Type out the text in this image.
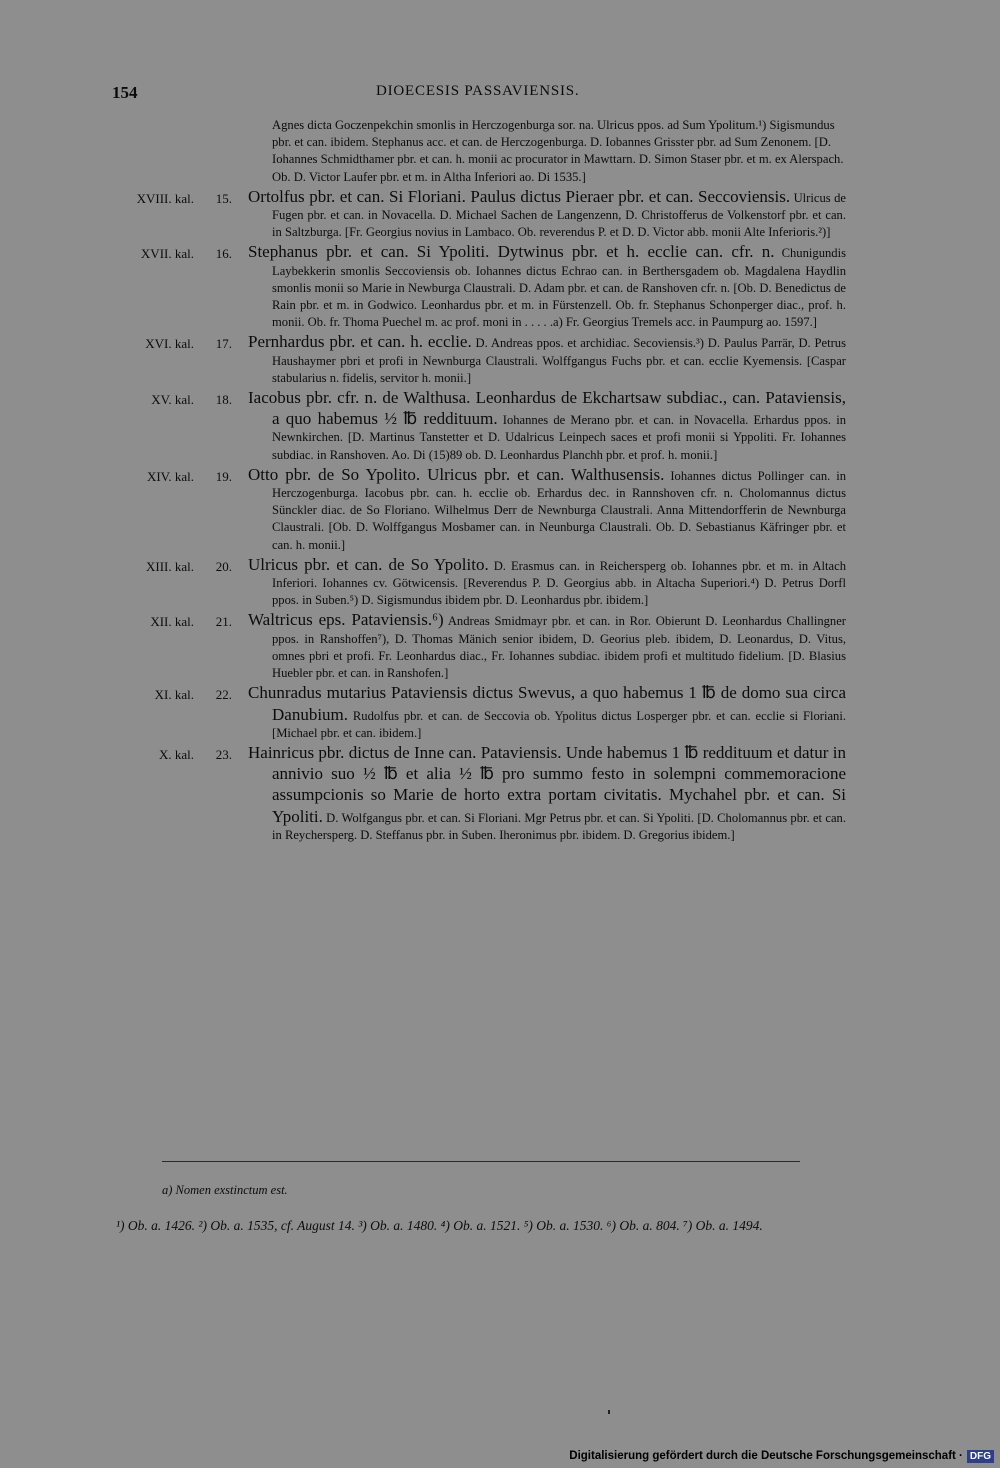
154	DIOECESIS PASSAVIENSIS.
Agnes dicta Goczenpekchin smonlis in Herczogenburga sor. na. Ulricus ppos. ad Sum Ypolitum.¹) Sigismundus pbr. et can. ibidem. Stephanus acc. et can. de Herczogenburga. D. Iobannes Grisster pbr. ad Sum Zenonem. [D. Iohannes Schmidthamer pbr. et can. h. monii ac procurator in Mawttarn. D. Simon Staser pbr. et m. ex Alerspach. Ob. D. Victor Laufer pbr. et m. in Altha Inferiori ao. Di 1535.]
XVIII. kal.	15. Ortolfus pbr. et can. Si Floriani. Paulus dictus Pieraer pbr. et can. Seccoviensis. Ulricus de Fugen pbr. et can. in Novacella. D. Michael Sachen de Langenzenn, D. Christofferus de Volkenstorf pbr. et can. in Saltzburga. [Fr. Georgius novius in Lambaco. Ob. reverendus P. et D. D. Victor abb. monii Alte Inferioris.²)]
XVII. kal.	16. Stephanus pbr. et can. Si Ypoliti. Dytwinus pbr. et h. ecclie can. cfr. n. Chunigundis Laybekkerin smonlis Seccoviensis ob. Iohannes dictus Echrao can. in Berthersgadem ob. Magdalena Haydlin smonlis monii so Marie in Newburga Claustrali. D. Adam pbr. et can. de Ranshoven cfr. n. [Ob. D. Benedictus de Rain pbr. et m. in Godwico. Leonhardus pbr. et m. in Fürstenzell. Ob. fr. Stephanus Schonperger diac., prof. h. monii. Ob. fr. Thoma Puechel m. ac prof. moni in . . . . .a) Fr. Georgius Tremels acc. in Paumpurg ao. 1597.]
XVI. kal.	17. Pernhardus pbr. et can. h. ecclie. D. Andreas ppos. et archidiac. Secoviensis.³) D. Paulus Parrär, D. Petrus Haushaymer pbri et profi in Newnburga Claustrali. Wolffgangus Fuchs pbr. et can. ecclie Kyemensis. [Caspar stabularius n. fidelis, servitor h. monii.]
XV. kal.	18. Iacobus pbr. cfr. n. de Walthusa. Leonhardus de Ekchartsaw subdiac., can. Pataviensis, a quo habemus ½ ℔ reddituum. Iohannes de Merano pbr. et can. in Novacella. Erhardus ppos. in Newnkirchen. [D. Martinus Tanstetter et D. Udalricus Leinpech saces et profi monii si Yppoliti. Fr. Iohannes subdiac. in Ranshoven. Ao. Di (15)89 ob. D. Leonhardus Planchh pbr. et prof. h. monii.]
XIV. kal.	19. Otto pbr. de So Ypolito. Ulricus pbr. et can. Walthusensis. Iohannes dictus Pollinger can. in Herczogenburga. Iacobus pbr. can. h. ecclie ob. Erhardus dec. in Rannshoven cfr. n. Cholomannus dictus Sünckler diac. de So Floriano. Wilhelmus Derr de Newnburga Claustrali. Anna Mittendorfferin de Newnburga Claustrali. [Ob. D. Wolffgangus Mosbamer can. in Neunburga Claustrali. Ob. D. Sebastianus Käfringer pbr. et can. h. monii.]
XIII. kal.	20. Ulricus pbr. et can. de So Ypolito. D. Erasmus can. in Reichersperg ob. Iohannes pbr. et m. in Altach Inferiori. Iohannes cv. Götwicensis. [Reverendus P. D. Georgius abb. in Altacha Superiori.⁴) D. Petrus Dorfl ppos. in Suben.⁵) D. Sigismundus ibidem pbr. D. Leonhardus pbr. ibidem.]
XII. kal.	21. Waltricus eps. Pataviensis.⁶) Andreas Smidmayr pbr. et can. in Ror. Obierunt D. Leonhardus Challingner ppos. in Ranshoffen⁷), D. Thomas Mänich senior ibidem, D. Georius pleb. ibidem, D. Leonardus, D. Vitus, omnes pbri et profi. Fr. Leonhardus diac., Fr. Iohannes subdiac. ibidem profi et multitudo fidelium. [D. Blasius Huebler pbr. et can. in Ranshofen.]
XI. kal.	22. Chunradus mutarius Pataviensis dictus Swevus, a quo habemus 1 ℔ de domo sua circa Danubium. Rudolfus pbr. et can. de Seccovia ob. Ypolitus dictus Losperger pbr. et can. ecclie si Floriani. [Michael pbr. et can. ibidem.]
X. kal.	23. Hainricus pbr. dictus de Inne can. Pataviensis. Unde habemus 1 ℔ reddituum et datur in annivio suo ½ ℔ et alia ½ ℔ pro summo festo in solempni commemoracione assumpcionis so Marie de horto extra portam civitatis. Mychahel pbr. et can. Si Ypoliti. D. Wolfgangus pbr. et can. Si Floriani. Mgr Petrus pbr. et can. Si Ypoliti. [D. Cholomannus pbr. et can. in Reychersperg. D. Steffanus pbr. in Suben. Iheronimus pbr. ibidem. D. Gregorius ibidem.]
a) Nomen exstinctum est.
¹) Ob. a. 1426. ²) Ob. a. 1535, cf. August 14. ³) Ob. a. 1480. ⁴) Ob. a. 1521. ⁵) Ob. a. 1530. ⁶) Ob. a. 804. ⁷) Ob. a. 1494.
Digitalisierung gefördert durch die Deutsche Forschungsgemeinschaft · DFG
